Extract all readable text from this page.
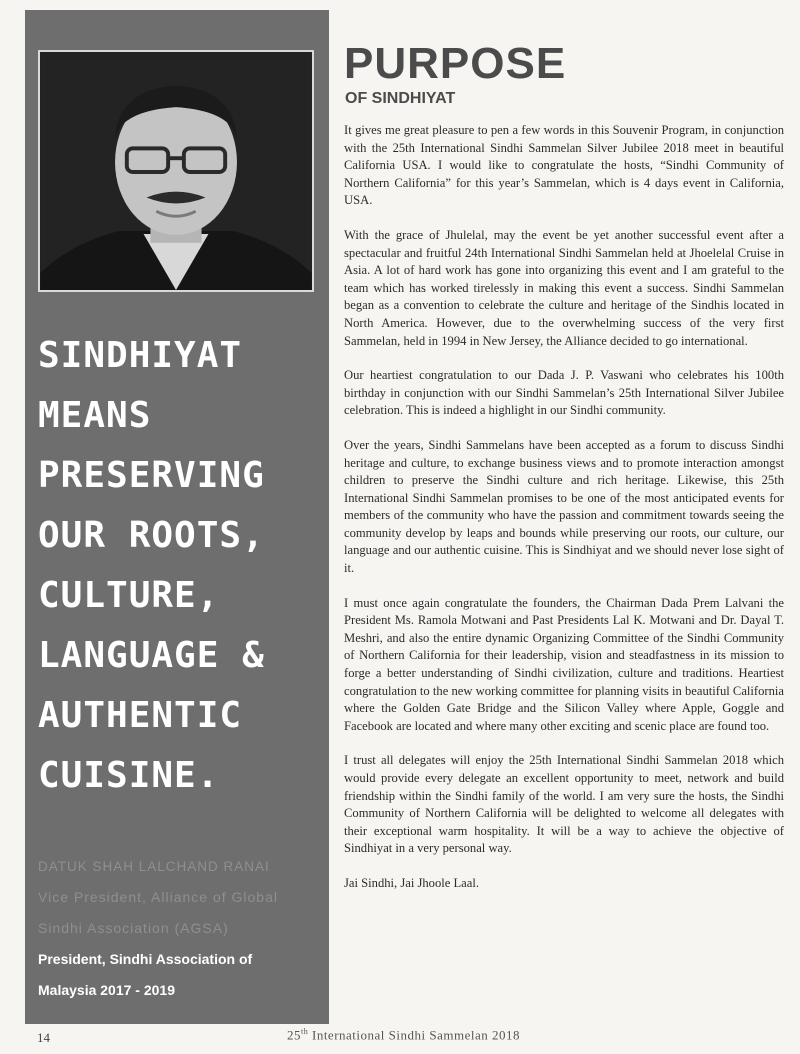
SINDHIYAT
MEANS
PRESERVING
OUR ROOTS,
CULTURE,
LANGUAGE &
AUTHENTIC
CUISINE.
DATUK SHAH LALCHAND RANAI
Vice President, Alliance of Global
Sindhi Association (AGSA)
President, Sindhi Association of
Malaysia 2017 - 2019
PURPOSE
OF SINDHIYAT

It gives me great pleasure to pen a few words in this Souvenir Program, in conjunction with the 25th International Sindhi Sammelan Silver Jubilee 2018 meet in beautiful California USA. I would like to congratulate the hosts, “Sindhi Community of Northern California” for this year’s Sammelan, which is 4 days event in California, USA.

With the grace of Jhulelal, may the event be yet another successful event after a spectacular and fruitful 24th International Sindhi Sammelan held at Jhoelelal Cruise in Asia. A lot of hard work has gone into organizing this event and I am grateful to the team which has worked tirelessly in making this event a success. Sindhi Sammelan began as a convention to celebrate the culture and heritage of the Sindhis located in North America. However, due to the overwhelming success of the very first Sammelan, held in 1994 in New Jersey, the Alliance decided to go international.

Our heartiest congratulation to our Dada J. P. Vaswani who celebrates his 100th birthday in conjunction with our Sindhi Sammelan’s 25th International Silver Jubilee celebration. This is indeed a highlight in our Sindhi community.

Over the years, Sindhi Sammelans have been accepted as a forum to discuss Sindhi heritage and culture, to exchange business views and to promote interaction amongst children to preserve the Sindhi culture and rich heritage. Likewise, this 25th International Sindhi Sammelan promises to be one of the most anticipated events for members of the community who have the passion and commitment towards seeing the community develop by leaps and bounds while preserving our roots, our culture, our language and our authentic cuisine. This is Sindhiyat and we should never lose sight of it.

I must once again congratulate the founders, the Chairman Dada Prem Lalvani the President Ms. Ramola Motwani and Past Presidents Lal K. Motwani and Dr. Dayal T. Meshri, and also the entire dynamic Organizing Committee of the Sindhi Community of Northern California for their leadership, vision and steadfastness in its mission to forge a better understanding of Sindhi civilization, culture and traditions. Heartiest congratulation to the new working committee for planning visits in beautiful California where the Golden Gate Bridge and the Silicon Valley where Apple, Goggle and Facebook are located and where many other exciting and scenic place are found too.

I trust all delegates will enjoy the 25th International Sindhi Sammelan 2018 which would provide every delegate an excellent opportunity to meet, network and build friendship within the Sindhi family of the world. I am very sure the hosts, the Sindhi Community of Northern California will be delighted to welcome all delegates with their exceptional warm hospitality. It will be a way to achieve the objective of Sindhiyat in a very personal way.

Jai Sindhi, Jai Jhoole Laal.

14	25th International Sindhi Sammelan 2018
